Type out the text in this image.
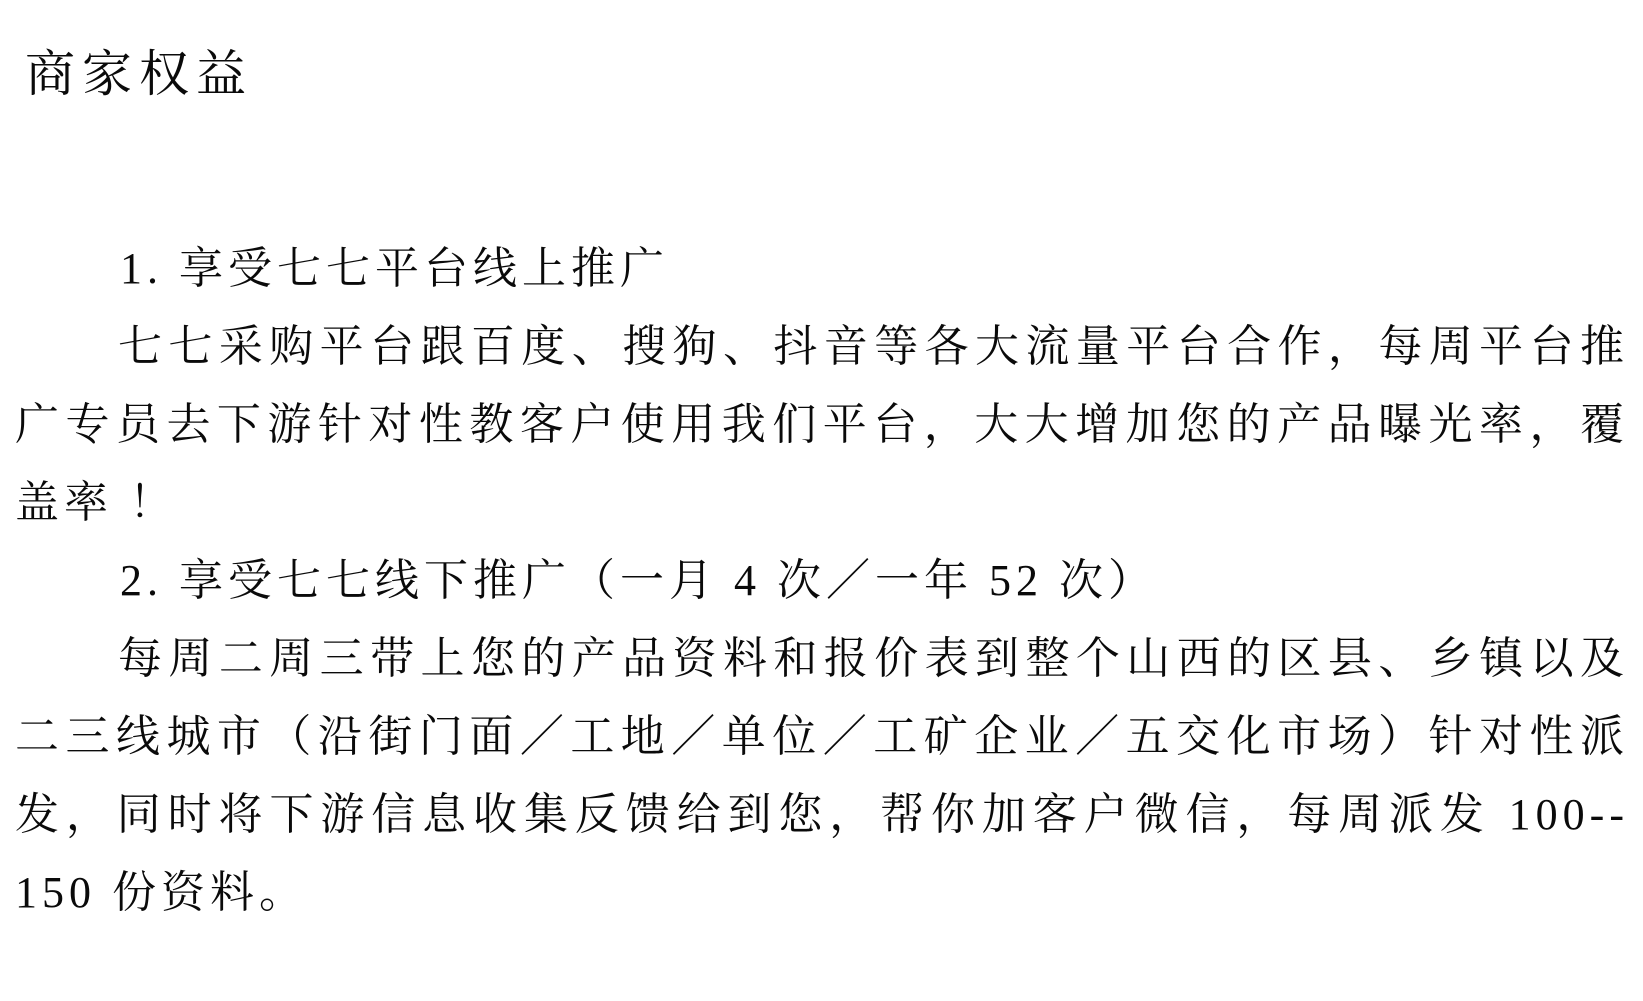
商家权益
1. 享受七七平台线上推广
七七采购平台跟百度、搜狗、抖音等各大流量平台合作，每周平台推
广专员去下游针对性教客户使用我们平台，大大增加您的产品曝光率，覆
盖率 ！
2. 享受七七线下推广（一月 4 次／一年 52 次）
每周二周三带上您的产品资料和报价表到整个山西的区县、乡镇以及
二三线城市（沿街门面／工地／单位／工矿企业／五交化市场）针对性派
发，同时将下游信息收集反馈给到您，帮你加客户微信，每周派发 100--
150 份资料。
